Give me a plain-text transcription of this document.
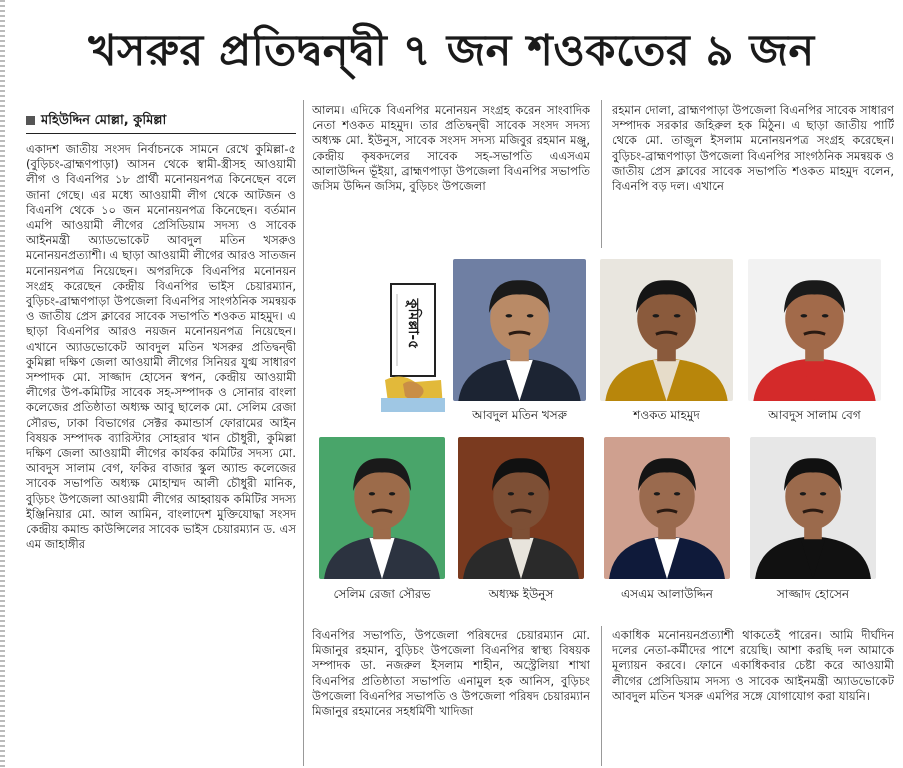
খসরুর প্রতিদ্বন্দ্বী ৭ জন শওকতের ৯ জন
মহিউদ্দিন মোল্লা, কুমিল্লা

একাদশ জাতীয় সংসদ নির্বাচনকে সামনে রেখে কুমিল্লা-৫ (বুড়িচং-ব্রাহ্মণপাড়া) আসন থেকে স্বামী-স্ত্রীসহ আওয়ামী লীগ ও বিএনপির ১৮ প্রার্থী মনোনয়নপত্র কিনেছেন বলে জানা গেছে। এর মধ্যে আওয়ামী লীগ থেকে আটজন ও বিএনপি থেকে ১০ জন মনোনয়নপত্র কিনেছেন। বর্তমান এমপি আওয়ামী লীগের প্রেসিডিয়াম সদস্য ও সাবেক আইনমন্ত্রী অ্যাডভোকেট আবদুল মতিন খসরুও মনোনয়নপ্রত্যাশী। এ ছাড়া আওয়ামী লীগের আরও সাতজন মনোনয়নপত্র নিয়েছেন। অপরদিকে বিএনপির মনোনয়ন সংগ্রহ করেছেন কেন্দ্রীয় বিএনপির ভাইস চেয়ারম্যান, বুড়িচং-ব্রাহ্মণপাড়া উপজেলা বিএনপির সাংগঠনিক সমন্বয়ক ও জাতীয় প্রেস ক্লাবের সাবেক সভাপতি শওকত মাহমুদ। এ ছাড়া বিএনপির আরও নয়জন মনোনয়নপত্র নিয়েছেন। এখানে অ্যাডভোকেট আবদুল মতিন খসরুর প্রতিদ্বন্দ্বী কুমিল্লা দক্ষিণ জেলা আওয়ামী লীগের সিনিয়র যুগ্ম সাধারণ সম্পাদক মো. সাজ্জাদ হোসেন স্বপন, কেন্দ্রীয় আওয়ামী লীগের উপ-কমিটির সাবেক সহ-সম্পাদক ও সোনার বাংলা কলেজের প্রতিষ্ঠাতা অধ্যক্ষ আবু ছালেক মো. সেলিম রেজা সৌরভ, ঢাকা বিভাগের সেক্টর কমান্ডার্স ফোরামের আইন বিষয়ক সম্পাদক ব্যারিস্টার সোহরাব খান চৌধুরী, কুমিল্লা দক্ষিণ জেলা আওয়ামী লীগের কার্যকর কমিটির সদস্য মো. আবদুস সালাম বেগ, ফকির বাজার স্কুল অ্যান্ড কলেজের সাবেক সভাপতি অধ্যক্ষ মোহাম্মদ আলী চৌধুরী মানিক, বুড়িচং উপজেলা আওয়ামী লীগের আহ্বায়ক কমিটির সদস্য ইঞ্জিনিয়ার মো. আল আমিন, বাংলাদেশ মুক্তিযোদ্ধা সংসদ কেন্দ্রীয় কমান্ড কাউন্সিলের সাবেক ভাইস চেয়ারম্যান ড. এস এম জাহাঙ্গীর

আলম। এদিকে বিএনপির মনোনয়ন সংগ্রহ করেন সাংবাদিক নেতা শওকত মাহমুদ। তার প্রতিদ্বন্দ্বী সাবেক সংসদ সদস্য অধ্যক্ষ মো. ইউনুস, সাবেক সংসদ সদস্য মজিবুর রহমান মঞ্জু, কেন্দ্রীয় কৃষকদলের সাবেক সহ-সভাপতি এএসএম আলাউদ্দিন ভূঁইয়া, ব্রাহ্মণপাড়া উপজেলা বিএনপির সভাপতি জসিম উদ্দিন জসিম, বুড়িচং উপজেলা

রহমান দোলা, ব্রাহ্মণপাড়া উপজেলা বিএনপির সাবেক সাধারণ সম্পাদক সরকার জহিরুল হক মিঠুন। এ ছাড়া জাতীয় পার্টি থেকে মো. তাজুল ইসলাম মনোনয়নপত্র সংগ্রহ করেছেন। বুড়িচং-ব্রাহ্মণপাড়া উপজেলা বিএনপির সাংগঠনিক সমন্বয়ক ও জাতীয় প্রেস ক্লাবের সাবেক সভাপতি শওকত মাহমুদ বলেন, বিএনপি বড় দল। এখানে

বিএনপির সভাপতি, উপজেলা পরিষদের চেয়ারম্যান মো. মিজানুর রহমান, বুড়িচং উপজেলা বিএনপির স্বাস্থ্য বিষয়ক সম্পাদক ডা. নজরুল ইসলাম শাহীন, অস্ট্রেলিয়া শাখা বিএনপির প্রতিষ্ঠাতা সভাপতি এনামুল হক আনিস, বুড়িচং উপজেলা বিএনপির সভাপতি ও উপজেলা পরিষদ চেয়ারম্যান মিজানুর রহমানের সহধর্মিণী খাদিজা

একাধিক মনোনয়নপ্রত্যাশী থাকতেই পারেন। আমি দীর্ঘদিন দলের নেতা-কর্মীদের পাশে রয়েছি। আশা করছি দল আমাকে মূল্যায়ন করবে। ফোনে একাধিকবার চেষ্টা করে আওয়ামী লীগের প্রেসিডিয়াম সদস্য ও সাবেক আইনমন্ত্রী অ্যাডভোকেট আবদুল মতিন খসরু এমপির সঙ্গে যোগাযোগ করা যায়নি।

কুমিল্লা-৫
আবদুল মতিন খসরু	শওকত মাহমুদ	আবদুস সালাম বেগ
সেলিম রেজা সৌরভ	অধ্যক্ষ ইউনুস	এসএম আলাউদ্দিন	সাজ্জাদ হোসেন
